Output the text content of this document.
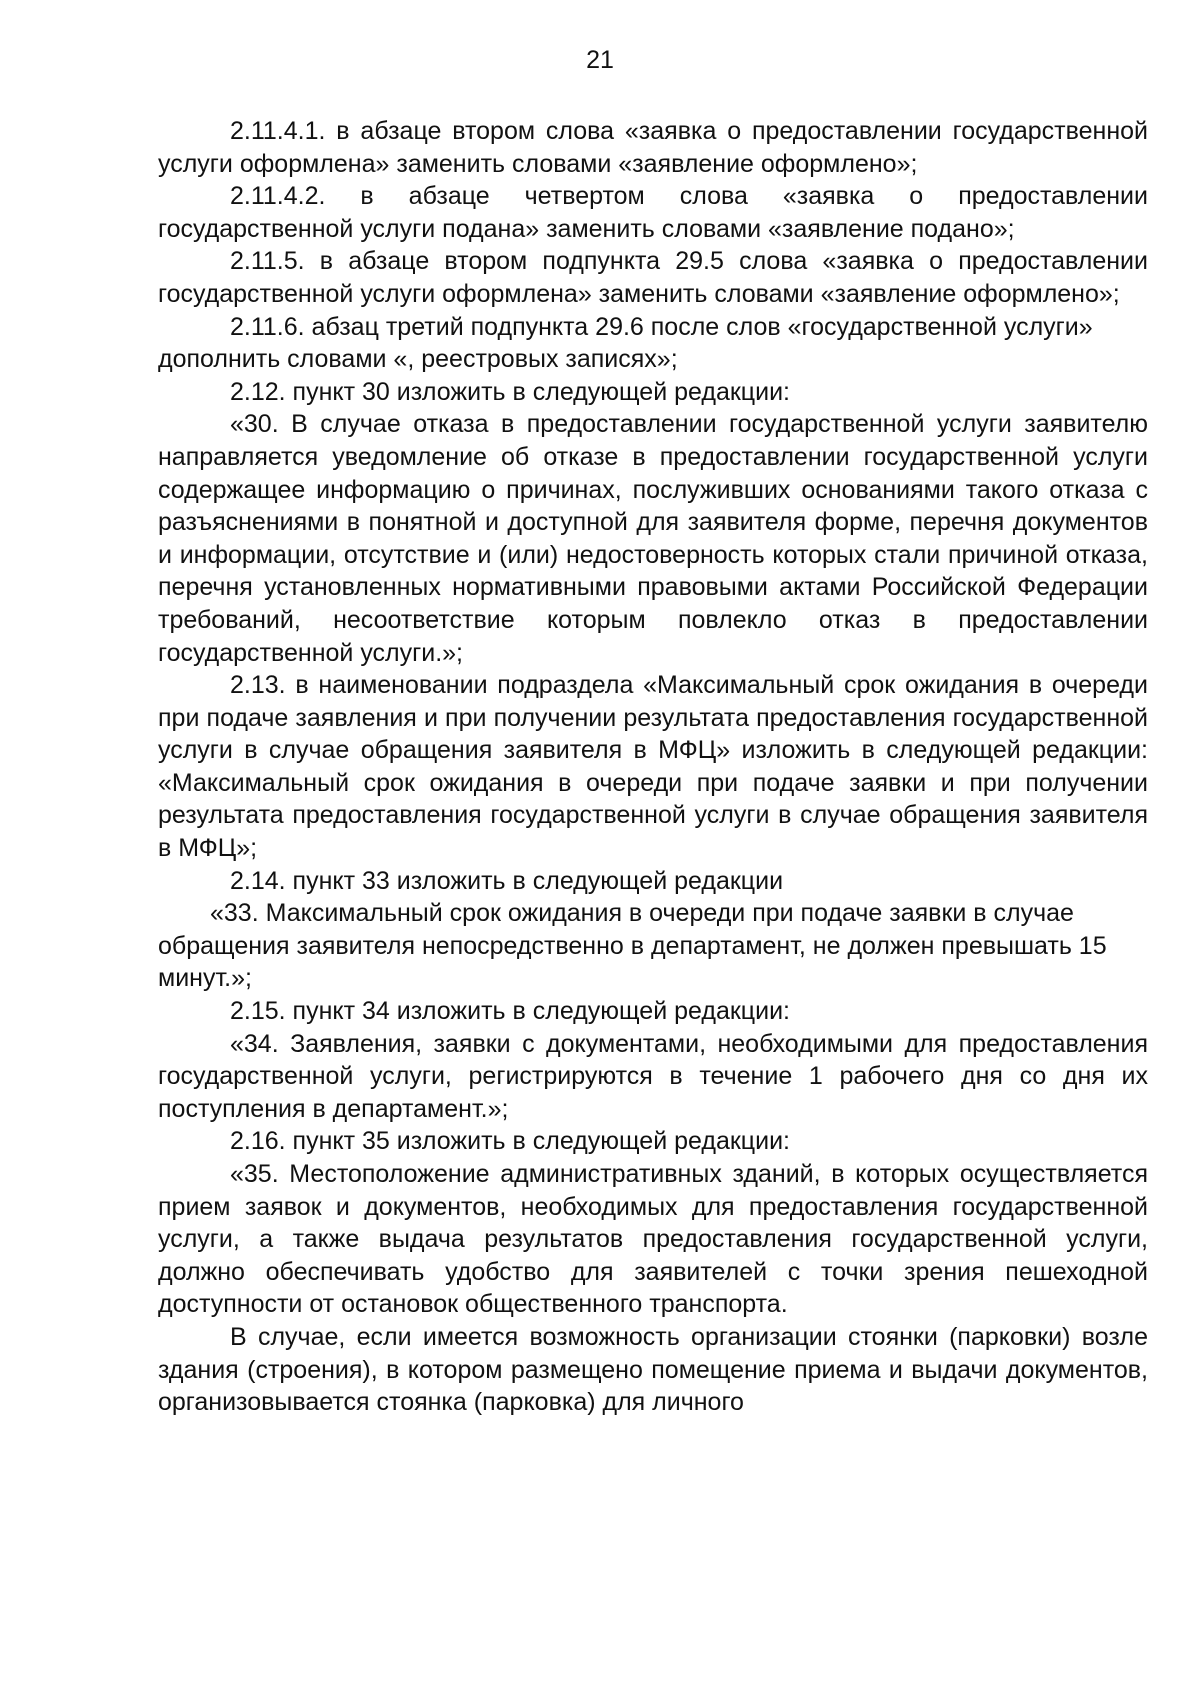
21

2.11.4.1. в абзаце втором слова «заявка о предоставлении государственной услуги оформлена» заменить словами «заявление оформлено»;

2.11.4.2. в абзаце четвертом слова «заявка о предоставлении государственной услуги подана» заменить словами «заявление подано»;

2.11.5. в абзаце втором подпункта 29.5 слова «заявка о предоставлении государственной услуги оформлена» заменить словами «заявление оформлено»;

2.11.6. абзац третий подпункта 29.6 после слов «государственной услуги» дополнить словами «, реестровых записях»;

2.12. пункт 30 изложить в следующей редакции:

«30. В случае отказа в предоставлении государственной услуги заявителю направляется уведомление об отказе в предоставлении государственной услуги содержащее информацию о причинах, послуживших основаниями такого отказа с разъяснениями в понятной и доступной для заявителя форме, перечня документов и информации, отсутствие и (или) недостоверность которых стали причиной отказа, перечня установленных нормативными правовыми актами Российской Федерации требований, несоответствие которым повлекло отказ в предоставлении государственной услуги.»;

2.13. в наименовании подраздела «Максимальный срок ожидания в очереди при подаче заявления и при получении результата предоставления государственной услуги в случае обращения заявителя в МФЦ» изложить в следующей редакции: «Максимальный срок ожидания в очереди при подаче заявки и при получении результата предоставления государственной услуги в случае обращения заявителя в МФЦ»;

2.14. пункт 33 изложить в следующей редакции

«33. Максимальный срок ожидания в очереди при подаче заявки в случае обращения заявителя непосредственно в департамент, не должен превышать 15 минут.»;

2.15. пункт 34 изложить в следующей редакции:

«34. Заявления, заявки с документами, необходимыми для предоставления государственной услуги, регистрируются в течение 1 рабочего дня со дня их поступления в департамент.»;

2.16. пункт 35 изложить в следующей редакции:

«35. Местоположение административных зданий, в которых осуществляется прием заявок и документов, необходимых для предоставления государственной услуги, а также выдача результатов предоставления государственной услуги, должно обеспечивать удобство для заявителей с точки зрения пешеходной доступности от остановок общественного транспорта.

В случае, если имеется возможность организации стоянки (парковки) возле здания (строения), в котором размещено помещение приема и выдачи документов, организовывается стоянка (парковка) для личного
